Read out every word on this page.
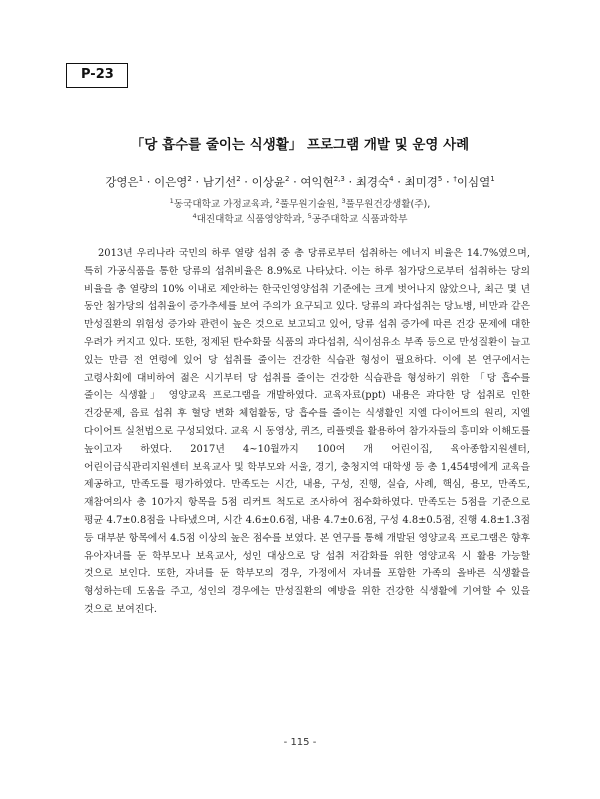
P-23
「당 흡수를 줄이는 식생활」 프로그램 개발 및 운영 사례
강영은$^1$ · 이은영$^2$ · 남기선$^2$ · 이상윤$^2$ · 여익현$^{2,3}$ · 최경숙$^4$ · 최미경$^5$ · †이심열$^1$
$^1$동국대학교 가정교육과, $^2$풀무원기술원, $^3$풀무원건강생활(주),
$^4$대진대학교 식품영양학과, $^5$공주대학교 식품과학부

2013년 우리나라 국민의 하루 열량 섭취 중 총 당류로부터 섭취하는 에너지 비율은 14.7%였으며, 특히 가공식품을 통한 당류의 섭취비율은 8.9%로 나타났다. 이는 하루 첨가당으로부터 섭취하는 당의 비율을 총 열량의 10% 이내로 제안하는 한국인영양섭취 기준에는 크게 벗어나지 않았으나, 최근 몇 년 동안 첨가당의 섭취율이 증가추세를 보여 주의가 요구되고 있다. 당류의 과다섭취는 당뇨병, 비만과 같은 만성질환의 위험성 증가와 관련이 높은 것으로 보고되고 있어, 당류 섭취 증가에 따른 건강 문제에 대한 우려가 커지고 있다. 또한, 정제된 탄수화물 식품의 과다섭취, 식이섬유소 부족 등으로 만성질환이 늘고 있는 만큼 전 연령에 있어 당 섭취를 줄이는 건강한 식습관 형성이 필요하다. 이에 본 연구에서는 고령사회에 대비하여 젊은 시기부터 당 섭취를 줄이는 건강한 식습관을 형성하기 위한 「당 흡수를 줄이는 식생활」 영양교육 프로그램을 개발하였다. 교육자료(ppt) 내용은 과다한 당 섭취로 인한 건강문제, 음료 섭취 후 혈당 변화 체험활동, 당 흡수를 줄이는 식생활인 지엘 다이어트의 원리, 지엘 다이어트 실천법으로 구성되었다. 교육 시 동영상, 퀴즈, 리플렛을 활용하여 참가자들의 흥미와 이해도를 높이고자 하였다. 2017년 4~10월까지 100여 개 어린이집, 육아종합지원센터, 어린이급식관리지원센터 보육교사 및 학부모와 서울, 경기, 충청지역 대학생 등 총 1,454명에게 교육을 제공하고, 만족도를 평가하였다. 만족도는 시간, 내용, 구성, 진행, 실습, 사례, 핵심, 용모, 만족도, 재참여의사 총 10가지 항목을 5점 리커트 척도로 조사하여 점수화하였다. 만족도는 5점을 기준으로 평균 4.7±0.8점을 나타냈으며, 시간 4.6±0.6점, 내용 4.7±0.6점, 구성 4.8±0.5점, 진행 4.8±1.3점 등 대부분 항목에서 4.5점 이상의 높은 점수를 보였다. 본 연구를 통해 개발된 영양교육 프로그램은 향후 유아자녀를 둔 학부모나 보육교사, 성인 대상으로 당 섭취 저감화를 위한 영양교육 시 활용 가능할 것으로 보인다. 또한, 자녀를 둔 학부모의 경우, 가정에서 자녀를 포함한 가족의 올바른 식생활을 형성하는데 도움을 주고, 성인의 경우에는 만성질환의 예방을 위한 건강한 식생활에 기여할 수 있을 것으로 보여진다.

- 115 -
